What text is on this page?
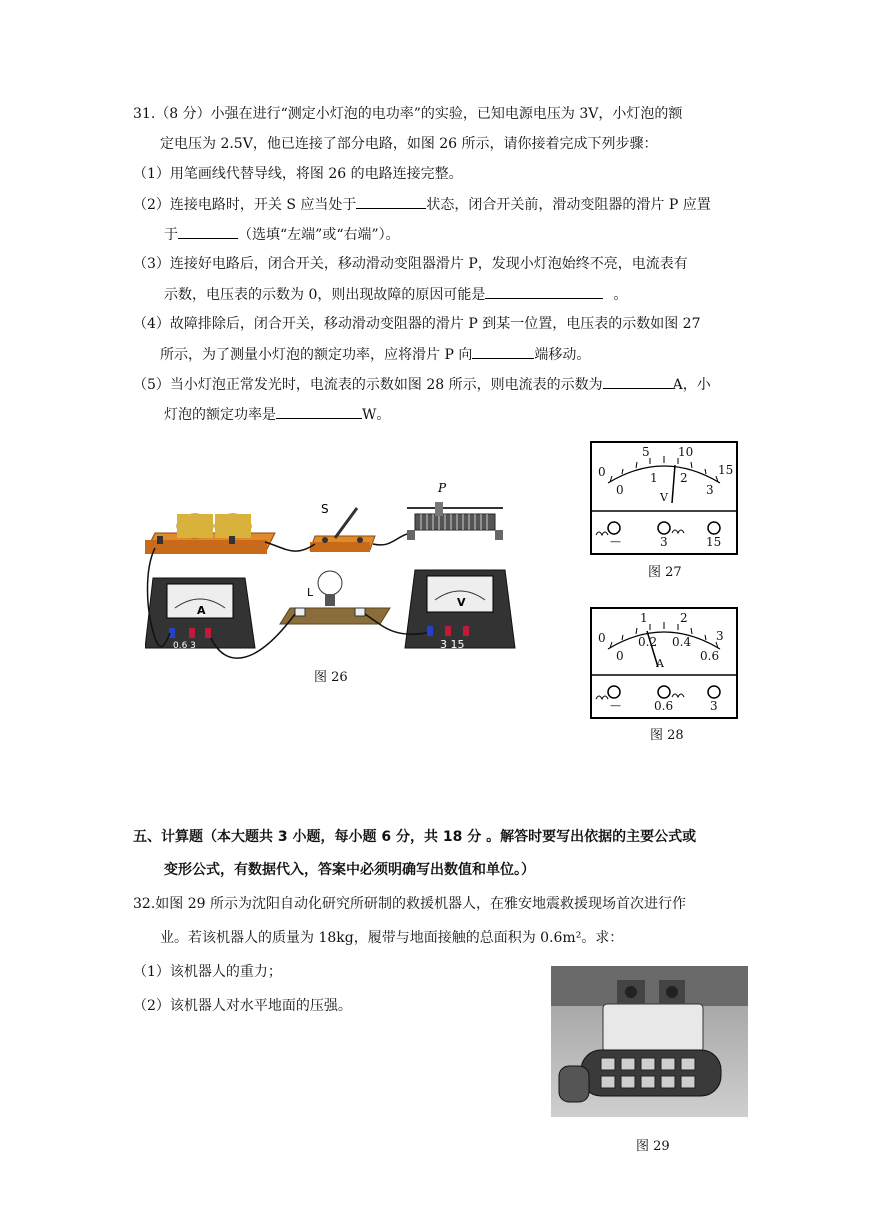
31.（8 分）小强在进行“测定小灯泡的电功率”的实验，已知电源电压为 3V，小灯泡的额
定电压为 2.5V，他已连接了部分电路，如图 26 所示，请你接着完成下列步骤：
（1）用笔画线代替导线，将图 26 的电路连接完整。
（2）连接电路时，开关 S 应当处于	状态，闭合开关前，滑动变阻器的滑片 P 应置
于	（选填“左端”或“右端”）。
（3）连接好电路后，闭合开关，移动滑动变阻器滑片 P，发现小灯泡始终不亮，电流表有
示数，电压表的示数为 0，则出现故障的原因可能是	。
（4）故障排除后，闭合开关，移动滑动变阻器的滑片 P 到某一位置，电压表的示数如图 27
所示，为了测量小灯泡的额定功率，应将滑片 P 向	端移动。
（5）当小灯泡正常发光时，电流表的示数如图 28 所示，则电流表的示数为	A，小
灯泡的额定功率是	W。
S
P
A
0.6 3
L
V
3 15
图 26
0
5 10
15
0
1 2
3
V
—	3	15
图 27
0
1	2
3
0
0.2 0.4
0.6
A
—	0.6	3
图 28
五、计算题（本大题共 3 小题，每小题 6 分，共 18 分 。解答时要写出依据的主要公式或
变形公式，有数据代入，答案中必须明确写出数值和单位。）
32.如图 29 所示为沈阳自动化研究所研制的救援机器人，在雅安地震救援现场首次进行作
业。若该机器人的质量为 18kg，履带与地面接触的总面积为 0.6m²。求：
（1）该机器人的重力；
（2）该机器人对水平地面的压强。
图 29
